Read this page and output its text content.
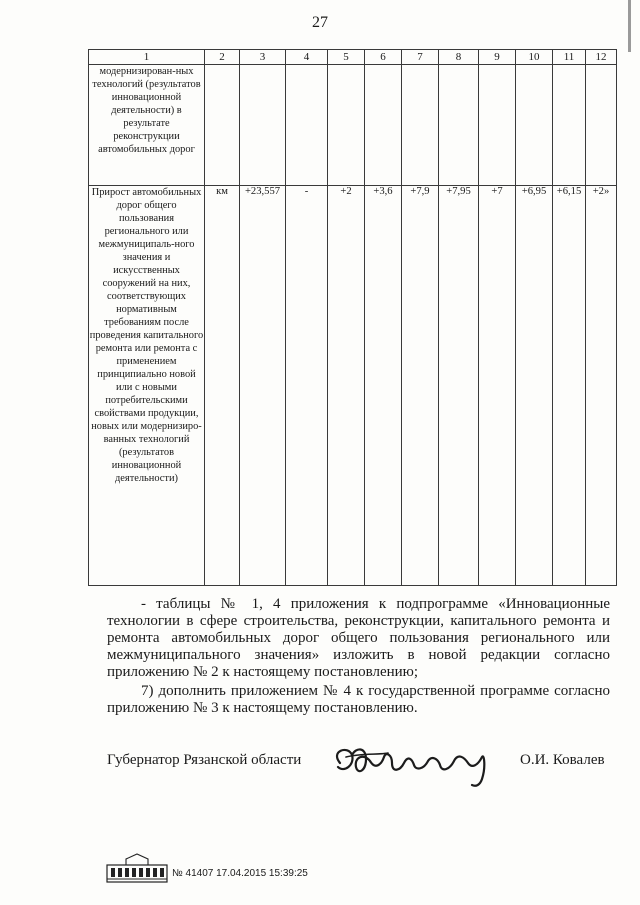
27
1	2	3	4	5	6	7	8	9	10	11	12
модернизирован-ных технологий (результатов инновационной деятельности) в результате реконструкции автомобильных дорог											
Прирост автомобильных дорог общего пользования регионального или межмуниципаль-ного значения и искусственных сооружений на них, соответствующих нормативным требованиям после проведения капитального ремонта или ремонта с применением принципиально новой или с новыми потребительскими свойствами продукции, новых или модернизиро-ванных технологий (результатов инновационной деятельности)	км	+23,557	-	+2	+3,6	+7,9	+7,95	+7	+6,95	+6,15	+2»
- таблицы № 1, 4 приложения к подпрограмме «Инновационные технологии в сфере строительства, реконструкции, капитального ремонта и ремонта автомобильных дорог общего пользования регионального или межмуниципального значения» изложить в новой редакции согласно приложению № 2 к настоящему постановлению;
7) дополнить приложением № 4 к государственной программе согласно приложению № 3 к настоящему постановлению.
Губернатор Рязанской области	О.И. Ковалев
№ 41407 17.04.2015 15:39:25
